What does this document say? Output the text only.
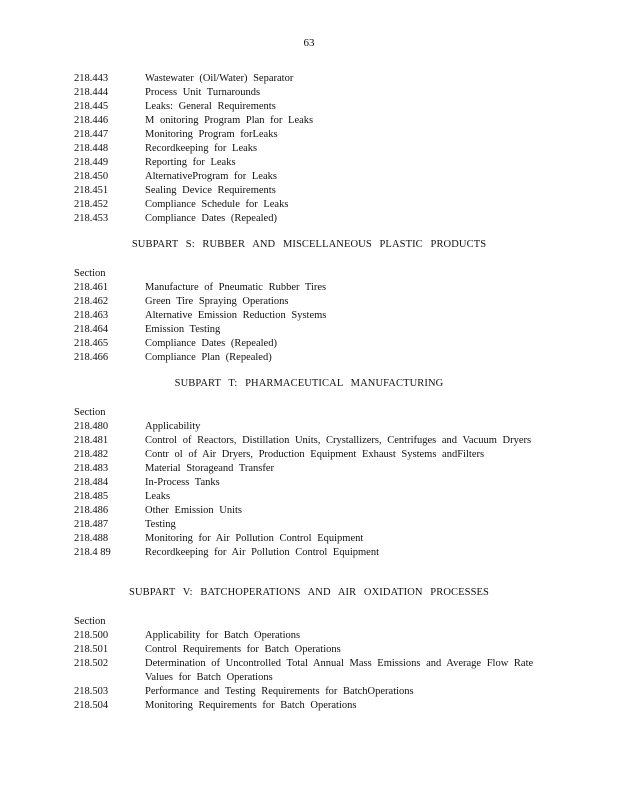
63
218.443	Wastewater (Oil/Water) Separator
218.444	Process Unit Turnarounds
218.445	Leaks: General Requirements
218.446	M onitoring Program Plan for Leaks
218.447	Monitoring Program forLeaks
218.448	Recordkeeping for Leaks
218.449	Reporting for Leaks
218.450	AlternativeProgram for Leaks
218.451	Sealing Device Requirements
218.452	Compliance Schedule for Leaks
218.453	Compliance Dates (Repealed)
SUBPART S: RUBBER AND MISCELLANEOUS PLASTIC PRODUCTS
Section
218.461	Manufacture of Pneumatic Rubber Tires
218.462	Green Tire Spraying Operations
218.463	Alternative Emission Reduction Systems
218.464	Emission Testing
218.465	Compliance Dates (Repealed)
218.466	Compliance Plan (Repealed)
SUBPART T: PHARMACEUTICAL MANUFACTURING
Section
218.480	Applicability
218.481	Control of Reactors, Distillation Units, Crystallizers, Centrifuges and Vacuum Dryers
218.482	Contr ol of Air Dryers, Production Equipment Exhaust Systems andFilters
218.483	Material Storageand Transfer
218.484	In-Process Tanks
218.485	Leaks
218.486	Other Emission Units
218.487	Testing
218.488	Monitoring for Air Pollution Control Equipment
218.4 89	Recordkeeping for Air Pollution Control Equipment
SUBPART V: BATCHOPERATIONS AND AIR OXIDATION PROCESSES
Section
218.500	Applicability for Batch Operations
218.501	Control Requirements for Batch Operations
218.502	Determination of Uncontrolled Total Annual Mass Emissions and Average Flow Rate Values for Batch Operations
218.503	Performance and Testing Requirements for BatchOperations
218.504	Monitoring Requirements for Batch Operations
